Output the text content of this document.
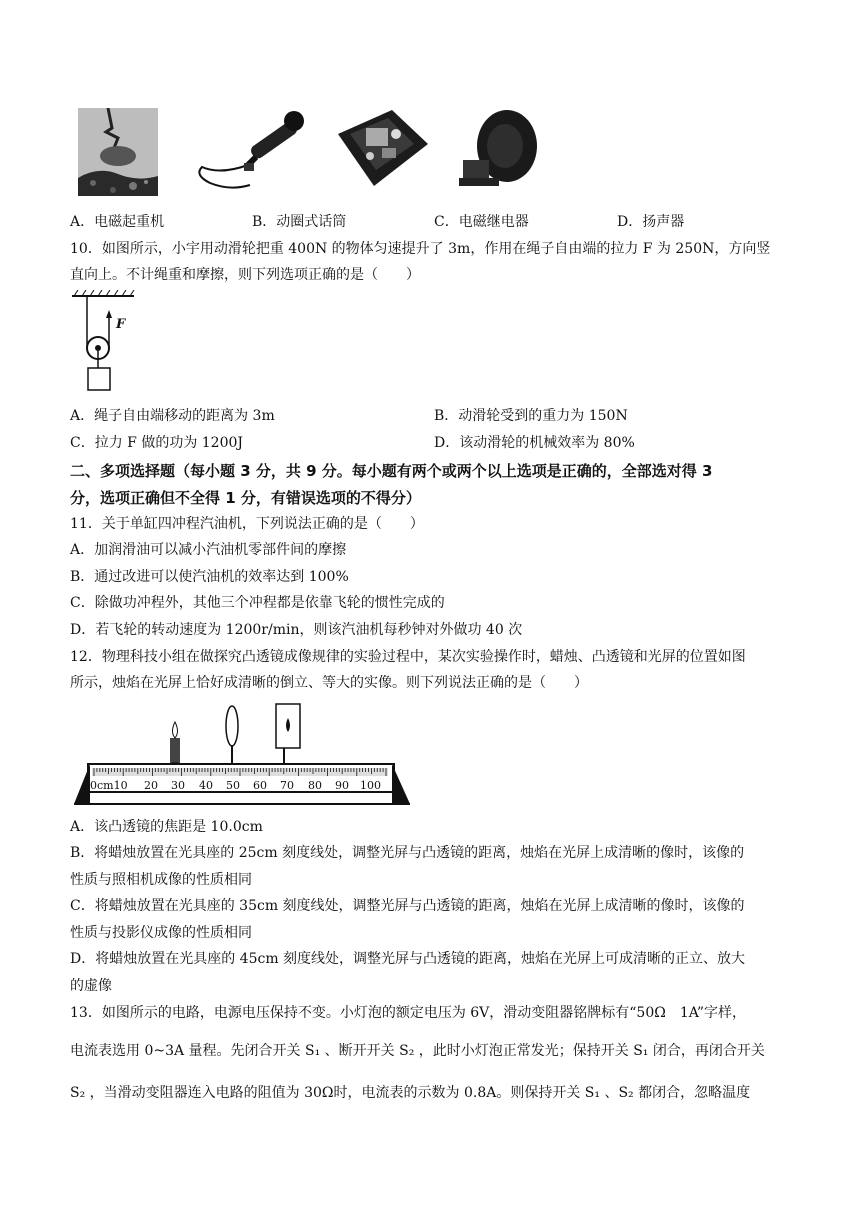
A．电磁起重机	B．动圈式话筒	C．电磁继电器	D．扬声器
10．如图所示，小宇用动滑轮把重 400N 的物体匀速提升了 3m，作用在绳子自由端的拉力 F 为 250N，方向竖
直向上。不计绳重和摩擦，则下列选项正确的是（　　）
F
A．绳子自由端移动的距离为 3m	B．动滑轮受到的重力为 150N
C．拉力 F 做的功为 1200J	D．该动滑轮的机械效率为 80%
二、多项选择题（每小题 3 分，共 9 分。每小题有两个或两个以上选项是正确的，全部选对得 3
分，选项正确但不全得 1 分，有错误选项的不得分）
11．关于单缸四冲程汽油机，下列说法正确的是（　　）
A．加润滑油可以减小汽油机零部件间的摩擦
B．通过改进可以使汽油机的效率达到 100%
C．除做功冲程外，其他三个冲程都是依靠飞轮的惯性完成的
D．若飞轮的转动速度为 1200r/min，则该汽油机每秒钟对外做功 40 次
12．物理科技小组在做探究凸透镜成像规律的实验过程中，某次实验操作时，蜡烛、凸透镜和光屏的位置如图
所示，烛焰在光屏上恰好成清晰的倒立、等大的实像。则下列说法正确的是（　　）
0cm10 20 30 40 50 60 70 80 90 100
A．该凸透镜的焦距是 10.0cm
B．将蜡烛放置在光具座的 25cm 刻度线处，调整光屏与凸透镜的距离，烛焰在光屏上成清晰的像时，该像的
性质与照相机成像的性质相同
C．将蜡烛放置在光具座的 35cm 刻度线处，调整光屏与凸透镜的距离，烛焰在光屏上成清晰的像时，该像的
性质与投影仪成像的性质相同
D．将蜡烛放置在光具座的 45cm 刻度线处，调整光屏与凸透镜的距离，烛焰在光屏上可成清晰的正立、放大
的虚像
13．如图所示的电路，电源电压保持不变。小灯泡的额定电压为 6V，滑动变阻器铭牌标有“50Ω　1A”字样，
电流表选用 0~3A 量程。先闭合开关 S₁ 、断开开关 S₂ ，此时小灯泡正常发光；保持开关 S₁ 闭合，再闭合开关
S₂ ，当滑动变阻器连入电路的阻值为 30Ω时，电流表的示数为 0.8A。则保持开关 S₁ 、S₂ 都闭合，忽略温度
